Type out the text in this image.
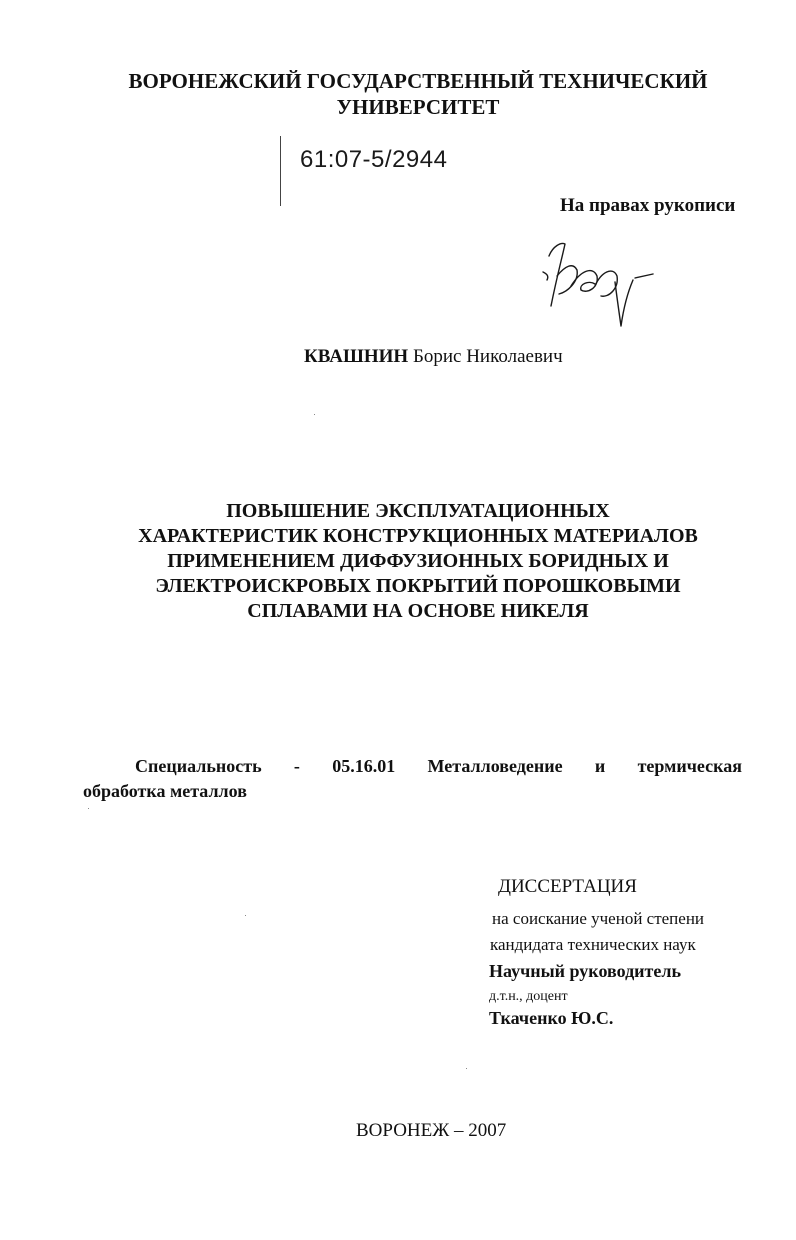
ВОРОНЕЖСКИЙ ГОСУДАРСТВЕННЫЙ ТЕХНИЧЕСКИЙ
УНИВЕРСИТЕТ
61:07-5/2944
На правах рукописи
КВАШНИН Борис Николаевич
ПОВЫШЕНИЕ ЭКСПЛУАТАЦИОННЫХ
ХАРАКТЕРИСТИК КОНСТРУКЦИОННЫХ МАТЕРИАЛОВ
ПРИМЕНЕНИЕМ ДИФФУЗИОННЫХ БОРИДНЫХ И
ЭЛЕКТРОИСКРОВЫХ ПОКРЫТИЙ ПОРОШКОВЫМИ
СПЛАВАМИ НА ОСНОВЕ НИКЕЛЯ
Специальность - 05.16.01 Металловедение и термическая
обработка металлов
ДИССЕРТАЦИЯ
на соискание ученой степени
кандидата технических наук
Научный руководитель
д.т.н., доцент
Ткаченко Ю.С.
ВОРОНЕЖ – 2007
